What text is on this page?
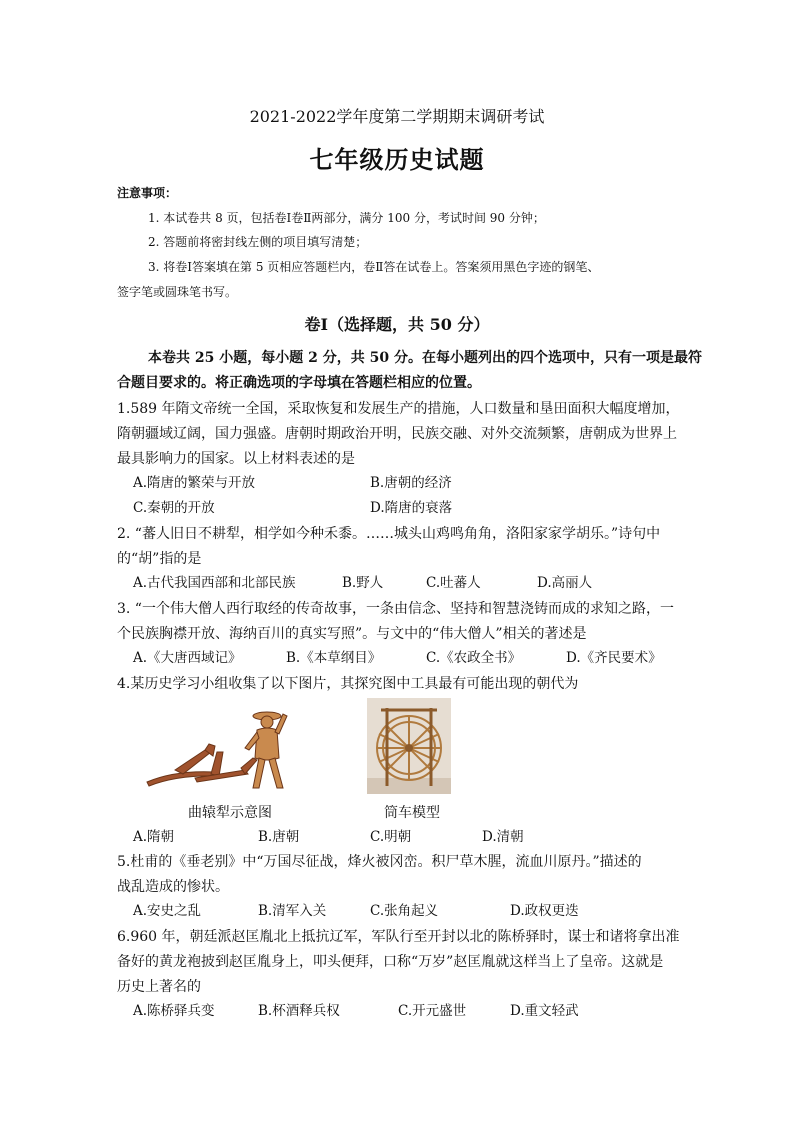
2021-2022学年度第二学期期末调研考试
七年级历史试题
注意事项：
1. 本试卷共 8 页，包括卷Ⅰ卷Ⅱ两部分，满分 100 分，考试时间 90 分钟；
2. 答题前将密封线左侧的项目填写清楚；
3. 将卷Ⅰ答案填在第 5 页相应答题栏内，卷Ⅱ答在试卷上。答案须用黑色字迹的钢笔、
签字笔或圆珠笔书写。
卷Ⅰ（选择题，共 50 分）
本卷共 25 小题，每小题 2 分，共 50 分。在每小题列出的四个选项中，只有一项是最符
合题目要求的。将正确选项的字母填在答题栏相应的位置。
1.589 年隋文帝统一全国，采取恢复和发展生产的措施，人口数量和垦田面积大幅度增加，
隋朝疆域辽阔，国力强盛。唐朝时期政治开明，民族交融、对外交流频繁，唐朝成为世界上
最具影响力的国家。以上材料表述的是
A.隋唐的繁荣与开放	B.唐朝的经济
C.秦朝的开放	D.隋唐的衰落
2. “蕃人旧日不耕犁，相学如今种禾黍。……城头山鸡鸣角角，洛阳家家学胡乐。”诗句中
的“胡”指的是
A.古代我国西部和北部民族	B.野人	C.吐蕃人	D.高丽人
3. “一个伟大僧人西行取经的传奇故事，一条由信念、坚持和智慧浇铸而成的求知之路，一
个民族胸襟开放、海纳百川的真实写照”。与文中的“伟大僧人”相关的著述是
A.《大唐西域记》	B.《本草纲目》	C.《农政全书》	D.《齐民要术》
4.某历史学习小组收集了以下图片，其探究图中工具最有可能出现的朝代为
曲辕犁示意图	筒车模型
A.隋朝	B.唐朝	C.明朝	D.清朝
5.杜甫的《垂老别》中“万国尽征战，烽火被冈峦。积尸草木腥，流血川原丹。”描述的
战乱造成的惨状。
A.安史之乱	B.清军入关	C.张角起义	D.政权更迭
6.960 年，朝廷派赵匡胤北上抵抗辽军，军队行至开封以北的陈桥驿时，谋士和诸将拿出准
备好的黄龙袍披到赵匡胤身上，叩头便拜，口称“万岁”赵匡胤就这样当上了皇帝。这就是
历史上著名的
A.陈桥驿兵变	B.杯酒释兵权	C.开元盛世	D.重文轻武
